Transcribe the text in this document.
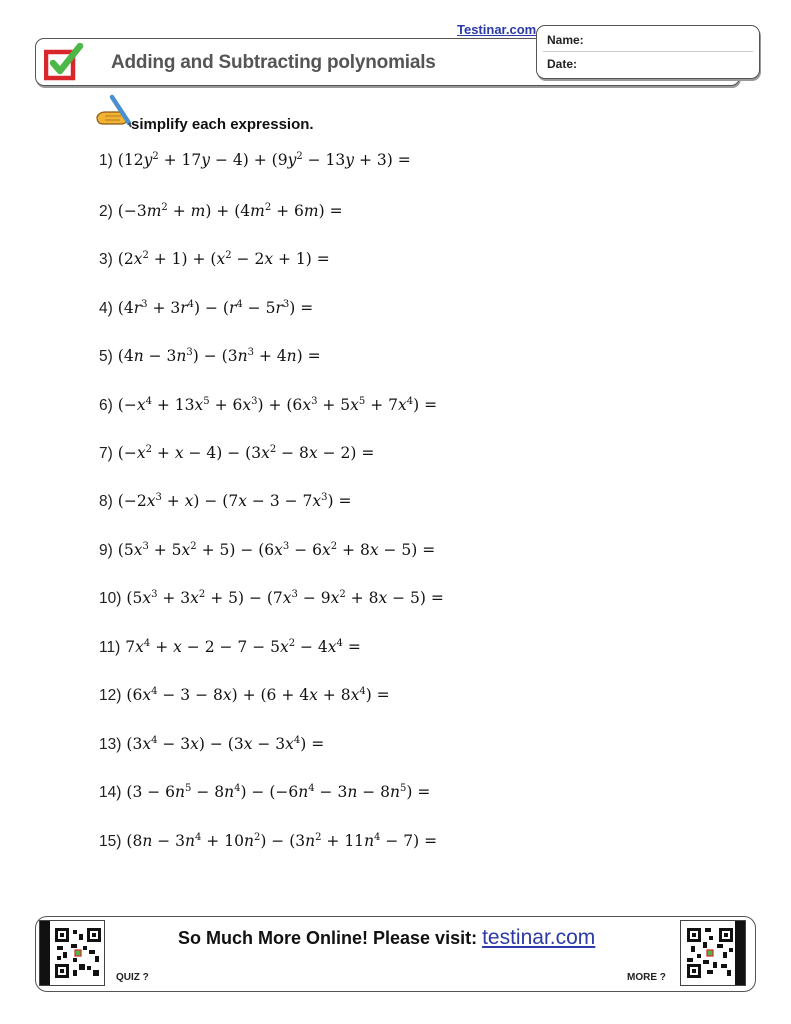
Testinar.com
Adding and Subtracting polynomials
Name:
Date:
simplify each expression.
1) $(12y^2 + 17y - 4) + (9y^2 - 13y + 3)$ =
2) $(-3m^2 + m) + (4m^2 + 6m)$ =
3) $(2x^2 + 1) + (x^2 - 2x + 1)$ =
4) $(4r^3 + 3r^4) - (r^4 - 5r^3)$ =
5) $(4n - 3n^3) - (3n^3 + 4n)$ =
6) $(-x^4 + 13x^5 + 6x^3) + (6x^3 + 5x^5 + 7x^4)$ =
7) $(-x^2 + x - 4) - (3x^2 - 8x - 2)$ =
8) $(-2x^3 + x) - (7x - 3 - 7x^3)$ =
9) $(5x^3 + 5x^2 + 5) - (6x^3 - 6x^2 + 8x - 5)$ =
10) $(5x^3 + 3x^2 + 5) - (7x^3 - 9x^2 + 8x - 5)$ =
11) $7x^4 + x - 2 - 7 - 5x^2 - 4x^4$ =
12) $(6x^4 - 3 - 8x) + (6 + 4x + 8x^4)$ =
13) $(3x^4 - 3x) - (3x - 3x^4)$ =
14) $(3 - 6n^5 - 8n^4) - (-6n^4 - 3n - 8n^5)$ =
15) $(8n - 3n^4 + 10n^2) - (3n^2 + 11n^4 - 7)$ =
QUIZ ?
So Much More Online! Please visit: testinar.com
MORE ?
